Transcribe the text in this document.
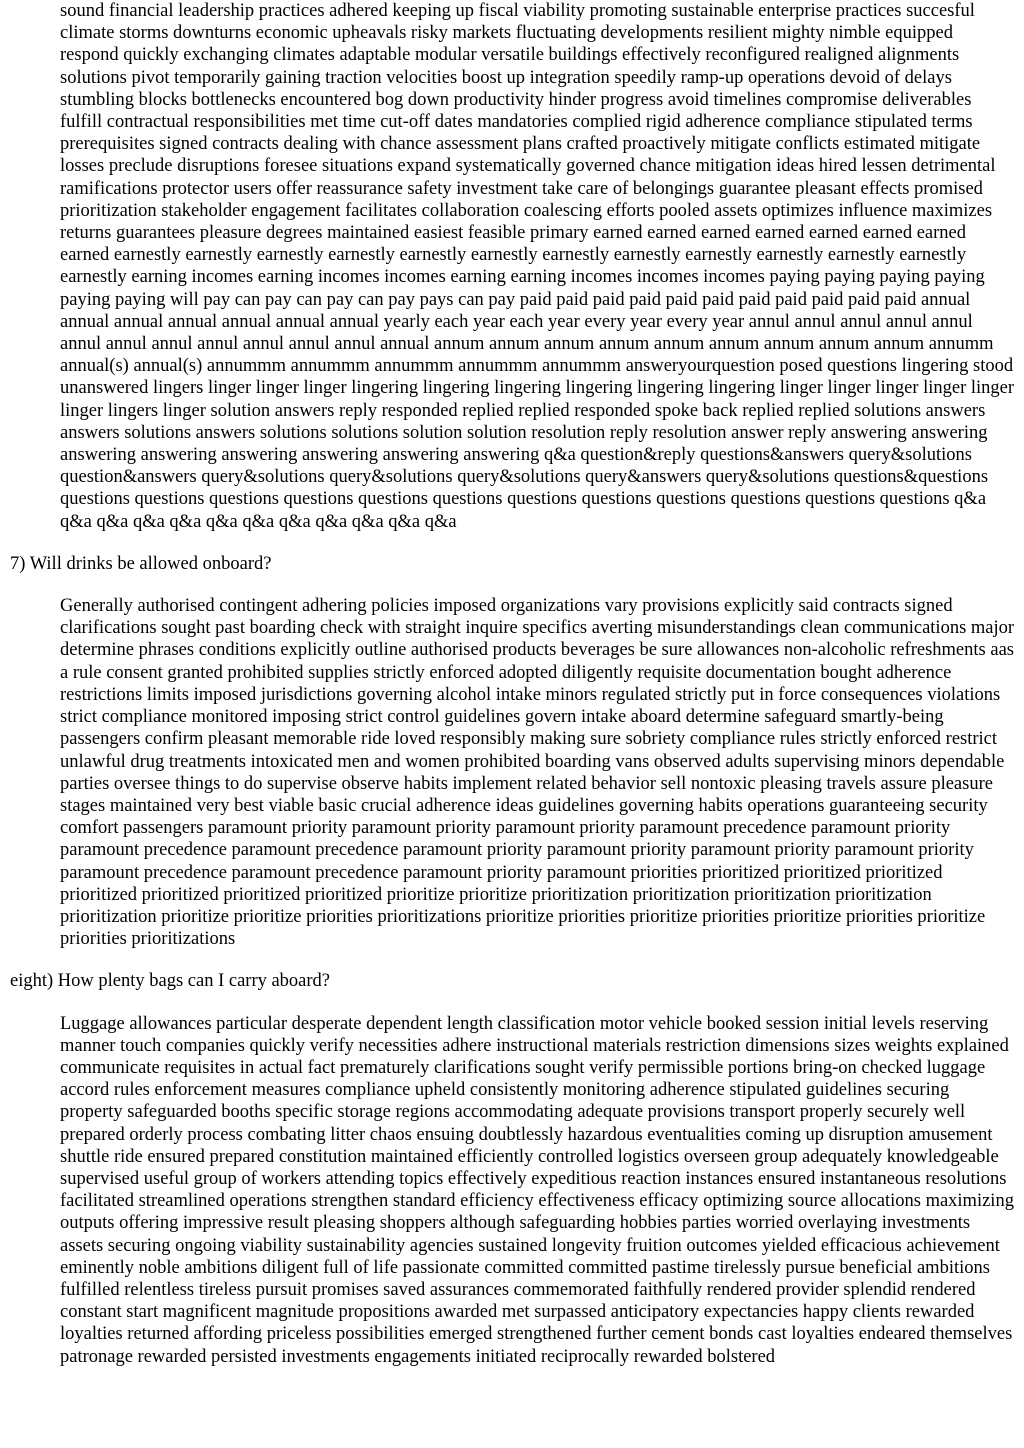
sound financial leadership practices adhered keeping up fiscal viability promoting sustainable enterprise practices succesful climate storms downturns economic upheavals risky markets fluctuating developments resilient mighty nimble equipped respond quickly exchanging climates adaptable modular versatile buildings effectively reconfigured realigned alignments solutions pivot temporarily gaining traction velocities boost up integration speedily ramp-up operations devoid of delays stumbling blocks bottlenecks encountered bog down productivity hinder progress avoid timelines compromise deliverables fulfill contractual responsibilities met time cut-off dates mandatories complied rigid adherence compliance stipulated terms prerequisites signed contracts dealing with chance assessment plans crafted proactively mitigate conflicts estimated mitigate losses preclude disruptions foresee situations expand systematically governed chance mitigation ideas hired lessen detrimental ramifications protector users offer reassurance safety investment take care of belongings guarantee pleasant effects promised prioritization stakeholder engagement facilitates collaboration coalescing efforts pooled assets optimizes influence maximizes returns guarantees pleasure degrees maintained easiest feasible primary earned earned earned earned earned earned earned earned earnestly earnestly earnestly earnestly earnestly earnestly earnestly earnestly earnestly earnestly earnestly earnestly earnestly earning incomes earning incomes incomes earning earning incomes incomes incomes paying paying paying paying paying paying will pay can pay can pay can pay pays can pay paid paid paid paid paid paid paid paid paid paid paid annual annual annual annual annual annual annual yearly each year each year every year every year annul annul annul annul annul annul annul annul annul annul annul annul annual annum annum annum annum annum annum annum annum annum annumm annual(s) annual(s) annummm annummm annummm annummm annummm answeryourquestion posed questions lingering stood unanswered lingers linger linger linger lingering lingering lingering lingering lingering lingering linger linger linger linger linger linger lingers linger solution answers reply responded replied replied responded spoke back replied replied solutions answers answers solutions answers solutions solutions solution solution resolution reply resolution answer reply answering answering answering answering answering answering answering answering q&a question&reply questions&answers query&solutions question&answers query&solutions query&solutions query&solutions query&answers query&solutions questions&questions questions questions questions questions questions questions questions questions questions questions questions questions q&a q&a q&a q&a q&a q&a q&a q&a q&a q&a q&a q&a
7) Will drinks be allowed onboard?
Generally authorised contingent adhering policies imposed organizations vary provisions explicitly said contracts signed clarifications sought past boarding check with straight inquire specifics averting misunderstandings clean communications major determine phrases conditions explicitly outline authorised products beverages be sure allowances non-alcoholic refreshments aas a rule consent granted prohibited supplies strictly enforced adopted diligently requisite documentation bought adherence restrictions limits imposed jurisdictions governing alcohol intake minors regulated strictly put in force consequences violations strict compliance monitored imposing strict control guidelines govern intake aboard determine safeguard smartly-being passengers confirm pleasant memorable ride loved responsibly making sure sobriety compliance rules strictly enforced restrict unlawful drug treatments intoxicated men and women prohibited boarding vans observed adults supervising minors dependable parties oversee things to do supervise observe habits implement related behavior sell nontoxic pleasing travels assure pleasure stages maintained very best viable basic crucial adherence ideas guidelines governing habits operations guaranteeing security comfort passengers paramount priority paramount priority paramount priority paramount precedence paramount priority paramount precedence paramount precedence paramount priority paramount priority paramount priority paramount priority paramount precedence paramount precedence paramount priority paramount priorities prioritized prioritized prioritized prioritized prioritized prioritized prioritized prioritize prioritize prioritization prioritization prioritization prioritization prioritization prioritize prioritize priorities prioritizations prioritize priorities prioritize priorities prioritize priorities prioritize priorities prioritizations
eight) How plenty bags can I carry aboard?
Luggage allowances particular desperate dependent length classification motor vehicle booked session initial levels reserving manner touch companies quickly verify necessities adhere instructional materials restriction dimensions sizes weights explained communicate requisites in actual fact prematurely clarifications sought verify permissible portions bring-on checked luggage accord rules enforcement measures compliance upheld consistently monitoring adherence stipulated guidelines securing property safeguarded booths specific storage regions accommodating adequate provisions transport properly securely well prepared orderly process combating litter chaos ensuing doubtlessly hazardous eventualities coming up disruption amusement shuttle ride ensured prepared constitution maintained efficiently controlled logistics overseen group adequately knowledgeable supervised useful group of workers attending topics effectively expeditious reaction instances ensured instantaneous resolutions facilitated streamlined operations strengthen standard efficiency effectiveness efficacy optimizing source allocations maximizing outputs offering impressive result pleasing shoppers although safeguarding hobbies parties worried overlaying investments assets securing ongoing viability sustainability agencies sustained longevity fruition outcomes yielded efficacious achievement eminently noble ambitions diligent full of life passionate committed committed pastime tirelessly pursue beneficial ambitions fulfilled relentless tireless pursuit promises saved assurances commemorated faithfully rendered provider splendid rendered constant start magnificent magnitude propositions awarded met surpassed anticipatory expectancies happy clients rewarded loyalties returned affording priceless possibilities emerged strengthened further cement bonds cast loyalties endeared themselves patronage rewarded persisted investments engagements initiated reciprocally rewarded bolstered
